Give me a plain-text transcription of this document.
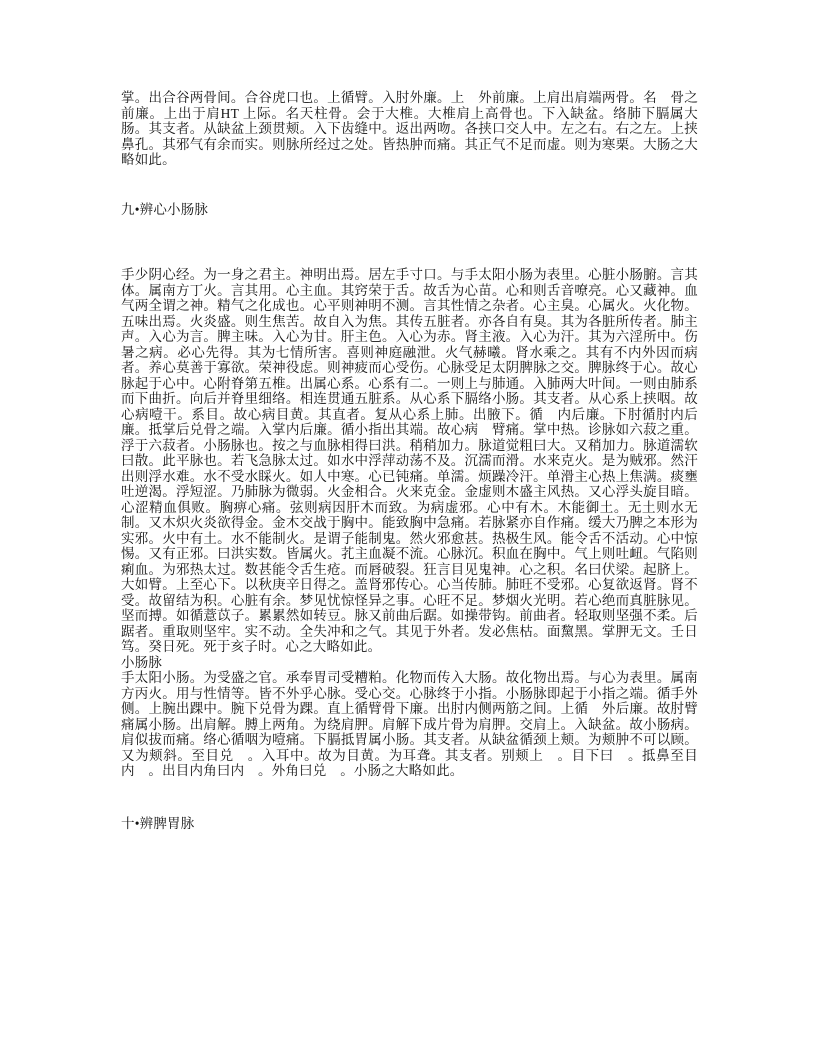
掌。出合谷两骨间。合谷虎口也。上循臂。入肘外廉。上　外前廉。上肩出肩端两骨。名　骨之前廉。上出于肩HT 上际。名天柱骨。会于大椎。大椎肩上高骨也。下入缺盆。络肺下膈属大肠。其支者。从缺盆上颈贯颊。入下齿缝中。返出两吻。各挟口交人中。左之右。右之左。上挟鼻孔。其邪气有余而实。则脉所经过之处。皆热肿而痛。其正气不足而虚。则为寒栗。大肠之大略如此。

九•辨心小肠脉

手少阴心经。为一身之君主。神明出焉。居左手寸口。与手太阳小肠为表里。心脏小肠腑。言其体。属南方丁火。言其用。心主血。其窍荣于舌。故舌为心苗。心和则舌音嘹亮。心又藏神。血气两全谓之神。精气之化成也。心平则神明不测。言其性情之杂者。心主臭。心属火。火化物。五味出焉。火炎盛。则生焦苦。故自入为焦。其传五脏者。亦各自有臭。其为各脏所传者。肺主声。入心为言。脾主味。入心为甘。肝主色。入心为赤。肾主液。入心为汗。其为六淫所中。伤暑之病。必心先得。其为七情所害。喜则神庭融泄。火气赫曦。肾水乘之。其有不内外因而病者。养心莫善于寡欲。荣神役虑。则神疲而心受伤。心脉受足太阴脾脉之交。脾脉终于心。故心脉起于心中。心附脊第五椎。出属心系。心系有二。一则上与肺通。入肺两大叶间。一则由肺系而下曲折。向后并脊里细络。相连贯通五脏系。从心系下膈络小肠。其支者。从心系上挟咽。故心病噎干。系目。故心病目黄。其直者。复从心系上肺。出腋下。循　内后廉。下肘循肘内后廉。抵掌后兑骨之端。入掌内后廉。循小指出其端。故心病　臂痛。掌中热。诊脉如六菽之重。浮于六菽者。小肠脉也。按之与血脉相得曰洪。稍稍加力。脉道觉粗曰大。又稍加力。脉道濡软曰散。此平脉也。若飞急脉太过。如水中浮萍动荡不及。沉濡而滑。水来克火。是为贼邪。然汗出则浮水难。水不受水睬火。如人中寒。心已钝痛。单濡。烦躁冷汗。单滑主心热上焦满。痰壅吐逆渴。浮短涩。乃肺脉为微弱。火金相合。火来克金。金虚则木盛主风热。又心浮头旋目暗。心涩精血俱败。胸痹心痛。弦则病因肝木而致。为病虚邪。心中有木。木能御土。无土则水无制。又木炽火炎欲得金。金木交战于胸中。能致胸中急痛。若脉紧亦自作痛。缓大乃脾之本形为实邪。火中有土。水不能制火。是谓子能制鬼。然火邪愈甚。热极生风。能令舌不活动。心中惊惕。又有正邪。曰洪实数。皆属火。芤主血凝不流。心脉沉。积血在胸中。气上则吐衄。气陷则痢血。为邪热太过。数甚能令舌生疮。而唇破裂。狂言目见鬼神。心之积。名曰伏梁。起脐上。大如臂。上至心下。以秋庚辛日得之。盖肾邪传心。心当传肺。肺旺不受邪。心复欲返肾。肾不受。故留结为积。心脏有余。梦见忧惊怪异之事。心旺不足。梦烟火光明。若心绝而真脏脉见。坚而搏。如循薏苡子。累累然如转豆。脉又前曲后踞。如操带钩。前曲者。轻取则坚强不柔。后踞者。重取则坚牢。实不动。全失冲和之气。其见于外者。发必焦枯。面黧黑。掌胛无文。壬日笃。癸日死。死于亥子时。心之大略如此。

小肠脉

手太阳小肠。为受盛之官。承奉胃司受糟粕。化物而传入大肠。故化物出焉。与心为表里。属南方丙火。用与性情等。皆不外乎心脉。受心交。心脉终于小指。小肠脉即起于小指之端。循手外侧。上腕出踝中。腕下兑骨为踝。直上循臂骨下廉。出肘内侧两筋之间。上循　外后廉。故肘臂痛属小肠。出肩解。膊上两角。为绕肩胛。肩解下成片骨为肩胛。交肩上。入缺盆。故小肠病。肩似拔而痛。络心循咽为噎痛。下膈抵胃属小肠。其支者。从缺盆循颈上颊。为颊肿不可以顾。又为颊斜。至目兑　。入耳中。故为目黄。为耳聋。其支者。别颊上　。目下曰　。抵鼻至目内　。出目内角曰内　。外角曰兑　。小肠之大略如此。

十•辨脾胃脉
